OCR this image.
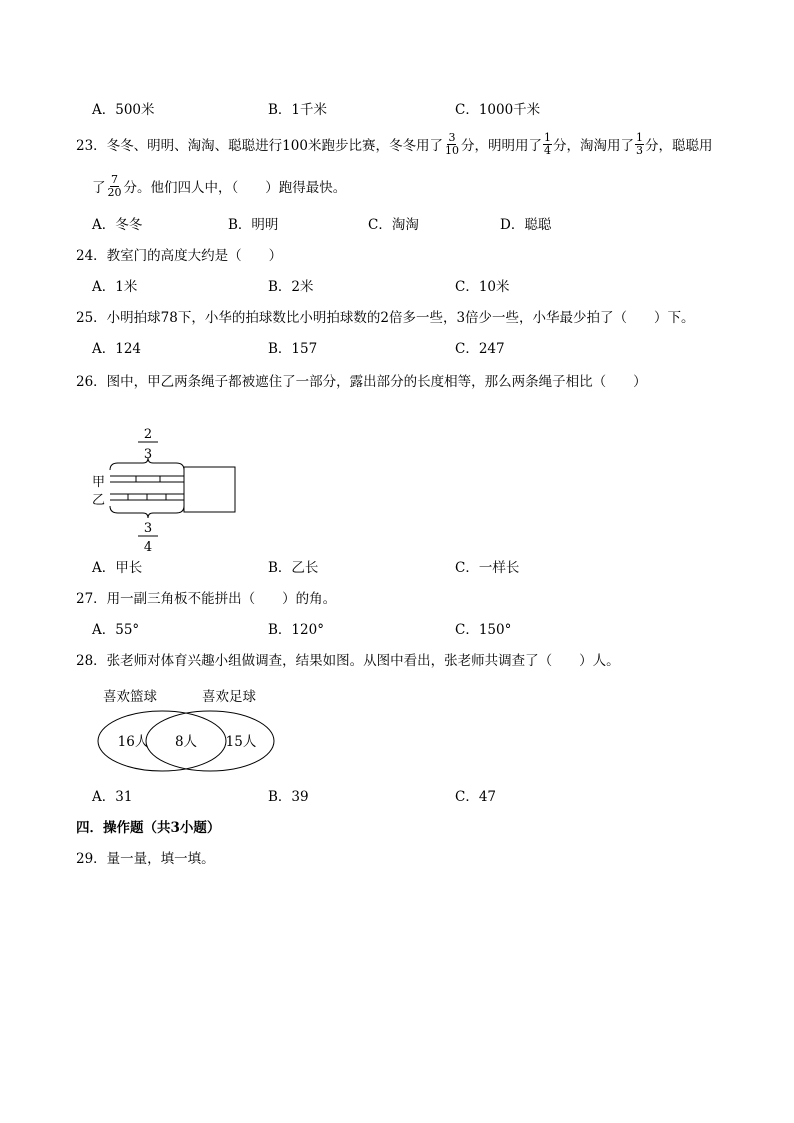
A．500米	B．1千米	C．1000千米
23．冬冬、明明、淘淘、聪聪进行100米跑步比赛，冬冬用了 $\frac{3}{10}$ 分，明明用了 $\frac{1}{4}$ 分，淘淘用了 $\frac{1}{3}$ 分，聪聪用
了 $\frac{7}{20}$ 分。他们四人中，（　　）跑得最快。
A．冬冬	B．明明	C．淘淘	D．聪聪
24．教室门的高度大约是（　　）
A．1米	B．2米	C．10米
25．小明拍球78下，小华的拍球数比小明拍球数的2倍多一些，3倍少一些，小华最少拍了（　　）下。
A．124	B．157	C．247
26．图中，甲乙两条绳子都被遮住了一部分，露出部分的长度相等，那么两条绳子相比（　　）
2
3
甲
乙
3
4
A．甲长	B．乙长	C．一样长
27．用一副三角板不能拼出（　　）的角。
A．55°	B．120°	C．150°
28．张老师对体育兴趣小组做调查，结果如图。从图中看出，张老师共调查了（　　）人。
喜欢篮球	喜欢足球
16人 8人 15人
A．31	B．39	C．47
四．操作题（共3小题）
29．量一量，填一填。
